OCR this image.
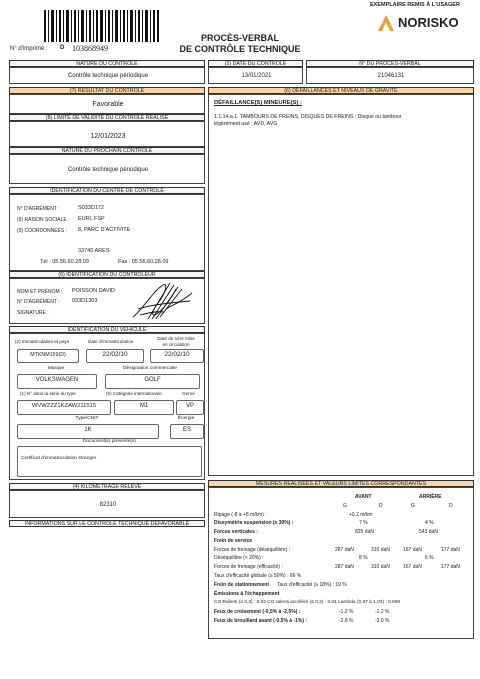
EXEMPLAIRE REMIS À L'USAGER
NORISKO
PROCÈS-VERBAL
DE CONTRÔLE TECHNIQUE
N° d'imprimé : D 103868949
NATURE DU CONTRÔLE
Contrôle technique périodique
(2) DATE DU CONTRÔLE
13/01/2021
N° DU PROCÈS-VERBAL
21046131
(7) RÉSULTAT DU CONTRÔLE
Favorable
(8) LIMITE DE VALIDITÉ DU CONTRÔLE RÉALISÉ
12/01/2023
NATURE DU PROCHAIN CONTRÔLE
Contrôle technique périodique
IDENTIFICATION DU CENTRE DE CONTRÔLE
N° D'AGRÉMENT :	S033D172
(9) RAISON SOCIALE : EURL FSP
(3) COORDONNÉES : 8, PARC D'ACTIVITE
33740 ARES
Tél : 05.56.60.28.09	Fax : 05.56.60.28.09
(6) IDENTIFICATION DU CONTRÔLEUR
NOM ET PRÉNOM : POISSON DAVID
N° D'AGRÉMENT : 033D1303
SIGNATURE :
IDENTIFICATION DU VÉHICULE
(2) Immatriculation et pays	Date d'immatriculation
Date de 1ère mise
en circulation
MTKNM159(D)	22/02/10	22/02/10
Marque	Désignation commerciale
VOLKSWAGEN	GOLF
(1) N° dans la série du type	(5) Catégorie internationale	Genre
WVWZZZ1KZAW211515	M1	VP
Type/CNIT	Énergie
1K	ES
Document(s) présenté(s)
Certificat d'immatriculation étranger
(4) KILOMÉTRAGE RELEVÉ
82310
INFORMATIONS SUR LE CONTRÔLE TECHNIQUE DÉFAVORABLE
(6) DÉFAILLANCES ET NIVEAUX DE GRAVITÉ
DÉFAILLANCE(S) MINEURE(S) :
1.1.14.a.1. TAMBOURS DE FREINS, DISQUES DE FREINS : Disque ou tambour
légèrement usé : AVD, AVG
MESURES RÉALISÉES ET VALEURS LIMITES CORRESPONDANTES
AVANT	ARRIÈRE
G	D	G	D
Ripage (-8 à +8 m/km) :	+0.2 m/km
Dissymétrie suspension (≤ 30%) :	7 %	4 %
Forces verticales :	825 daN	543 daN
Frein de service
Forces de freinage (déséquilibre) :	287 daN	310 daN	167 daN	177 daN
Déséquilibre (< 20%) :	8 %	6 %
Forces de freinage (efficacité) :	287 daN	310 daN	167 daN	177 daN
Taux d'efficacité globale (≥ 50%) : 66 %
Frein de stationnement Taux d'efficacité (≥ 18%) : 19 %
Émissions à l'échappement
CO Ralenti (≤ 0,3) : 0.02 CO ralenti accéléré (≤ 0,3) : 0.01 Lambda (0,97 à 1,03) : 0.998
Feux de croisement (-0,5% à -2,5%) :	-1.2 %	-1.2 %
Feux de brouillard avant (-0,5% à -1%) :	-2.8 %	-3.0 %
